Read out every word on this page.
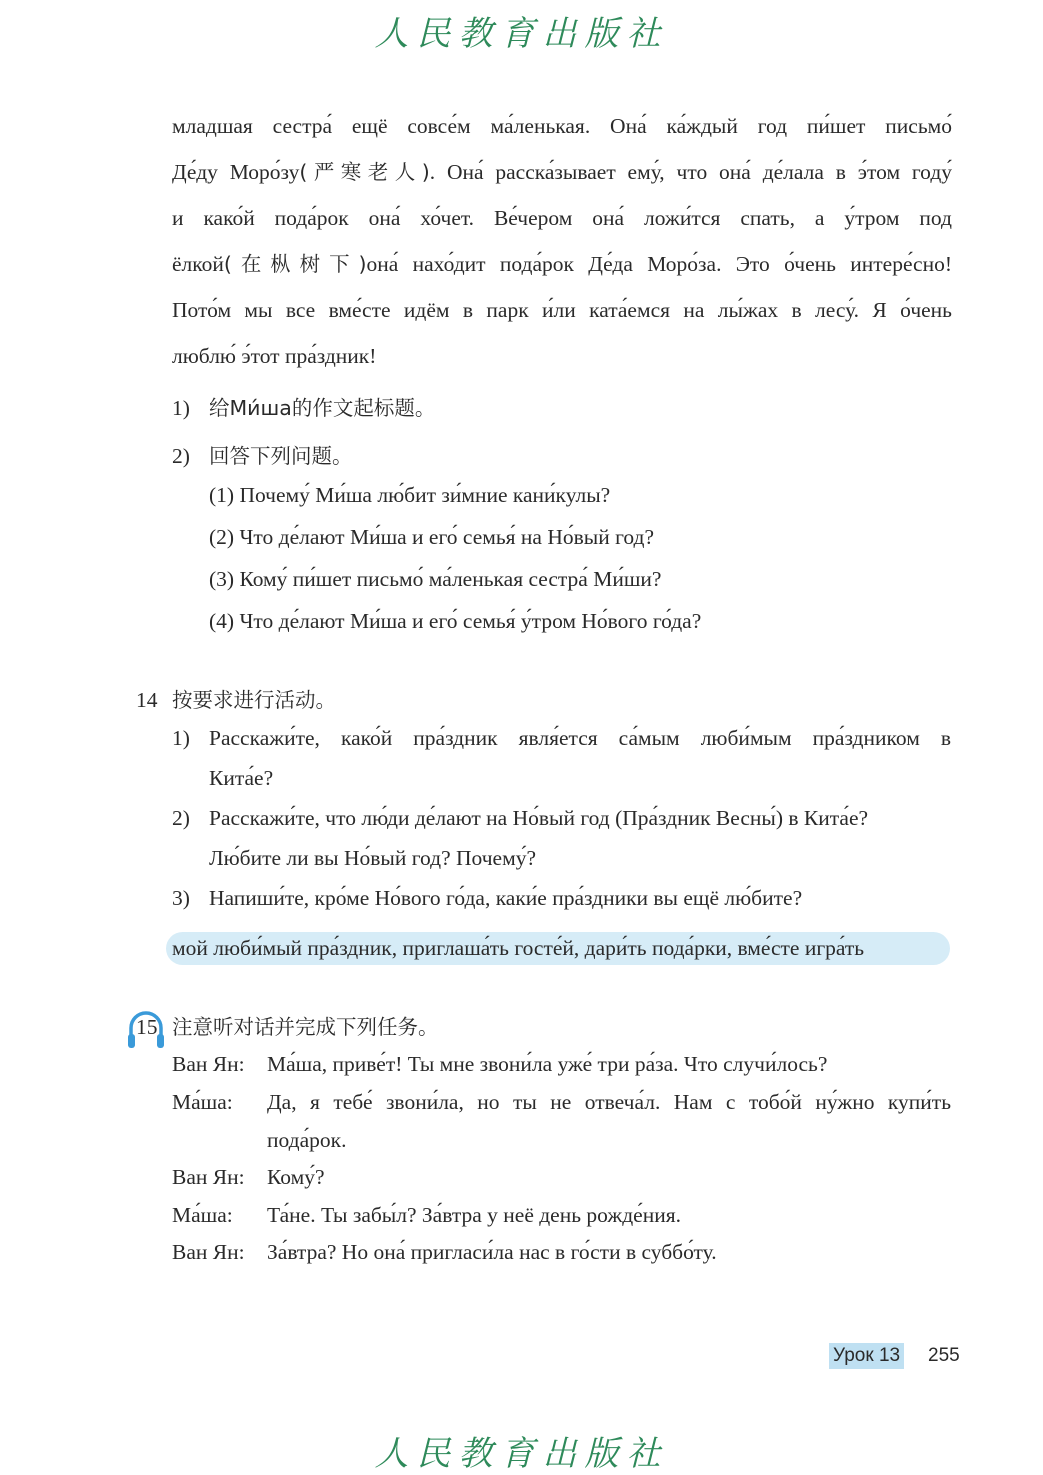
人民教育出版社
младшая сестра́ ещё совсе́м ма́ленькая. Она́ ка́ждый год пи́шет письмо́
Де́ду Моро́зу(严寒老人). Она́ расска́зывает ему́, что она́ де́лала в э́том году́
и како́й пода́рок она́ хо́чет. Ве́чером она́ ложи́тся спать, а у́тром под
ёлкой(在枞树下)она́ нахо́дит пода́рок Де́да Моро́за. Это о́чень интере́сно!
Пото́м мы все вме́сте идём в парк и́ли ката́емся на лы́жах в лесу́. Я о́чень
люблю́ э́тот пра́здник!
1) 给Ми́ша的作文起标题。
2) 回答下列问题。
(1) Почему́ Ми́ша лю́бит зи́мние кани́кулы?
(2) Что де́лают Ми́ша и его́ семья́ на Но́вый год?
(3) Кому́ пи́шет письмо́ ма́ленькая сестра́ Ми́ши?
(4) Что де́лают Ми́ша и его́ семья́ у́тром Но́вого го́да?
14 按要求进行活动。
1) Расскажи́те, како́й пра́здник явля́ется са́мым люби́мым пра́здником в
Кита́е?
2) Расскажи́те, что лю́ди де́лают на Но́вый год (Пра́здник Весны́) в Кита́е?
Лю́бите ли вы Но́вый год? Почему́?
3) Напиши́те, кро́ме Но́вого го́да, каки́е пра́здники вы ещё лю́бите?
мой люби́мый пра́здник, приглаша́ть госте́й, дари́ть пода́рки, вме́сте игра́ть
15 注意听对话并完成下列任务。
Ван Ян: Ма́ша, приве́т! Ты мне звони́ла уже́ три ра́за. Что случи́лось?
Ма́ша: Да, я тебе́ звони́ла, но ты не отвеча́л. Нам с тобо́й ну́жно купи́ть
пода́рок.
Ван Ян: Кому́?
Ма́ша: Та́не. Ты забы́л? За́втра у неё день рожде́ния.
Ван Ян: За́втра? Но она́ пригласи́ла нас в го́сти в суббо́ту.
Урок 13 255
人民教育出版社
